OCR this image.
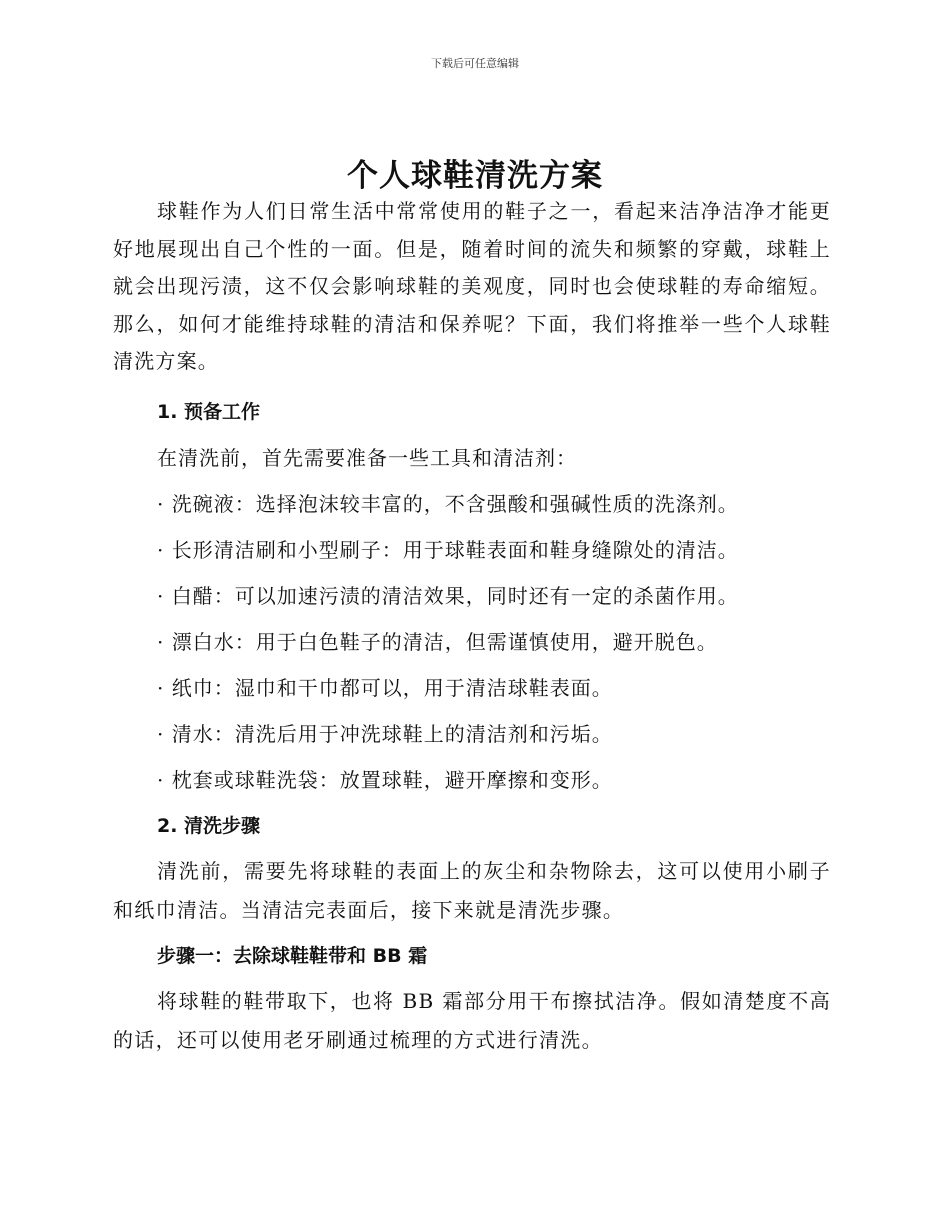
下载后可任意编辑
个人球鞋清洗方案

球鞋作为人们日常生活中常常使用的鞋子之一，看起来洁净洁净才能更好地展现出自己个性的一面。但是，随着时间的流失和频繁的穿戴，球鞋上就会出现污渍，这不仅会影响球鞋的美观度，同时也会使球鞋的寿命缩短。那么，如何才能维持球鞋的清洁和保养呢？下面，我们将推举一些个人球鞋清洗方案。

1. 预备工作

在清洗前，首先需要准备一些工具和清洁剂：

· 洗碗液：选择泡沫较丰富的，不含强酸和强碱性质的洗涤剂。

· 长形清洁刷和小型刷子：用于球鞋表面和鞋身缝隙处的清洁。

· 白醋：可以加速污渍的清洁效果，同时还有一定的杀菌作用。

· 漂白水：用于白色鞋子的清洁，但需谨慎使用，避开脱色。

· 纸巾：湿巾和干巾都可以，用于清洁球鞋表面。

· 清水：清洗后用于冲洗球鞋上的清洁剂和污垢。

· 枕套或球鞋洗袋：放置球鞋，避开摩擦和变形。

2. 清洗步骤

清洗前，需要先将球鞋的表面上的灰尘和杂物除去，这可以使用小刷子和纸巾清洁。当清洁完表面后，接下来就是清洗步骤。

步骤一：去除球鞋鞋带和 BB 霜

将球鞋的鞋带取下，也将 BB 霜部分用干布擦拭洁净。假如清楚度不高的话，还可以使用老牙刷通过梳理的方式进行清洗。
